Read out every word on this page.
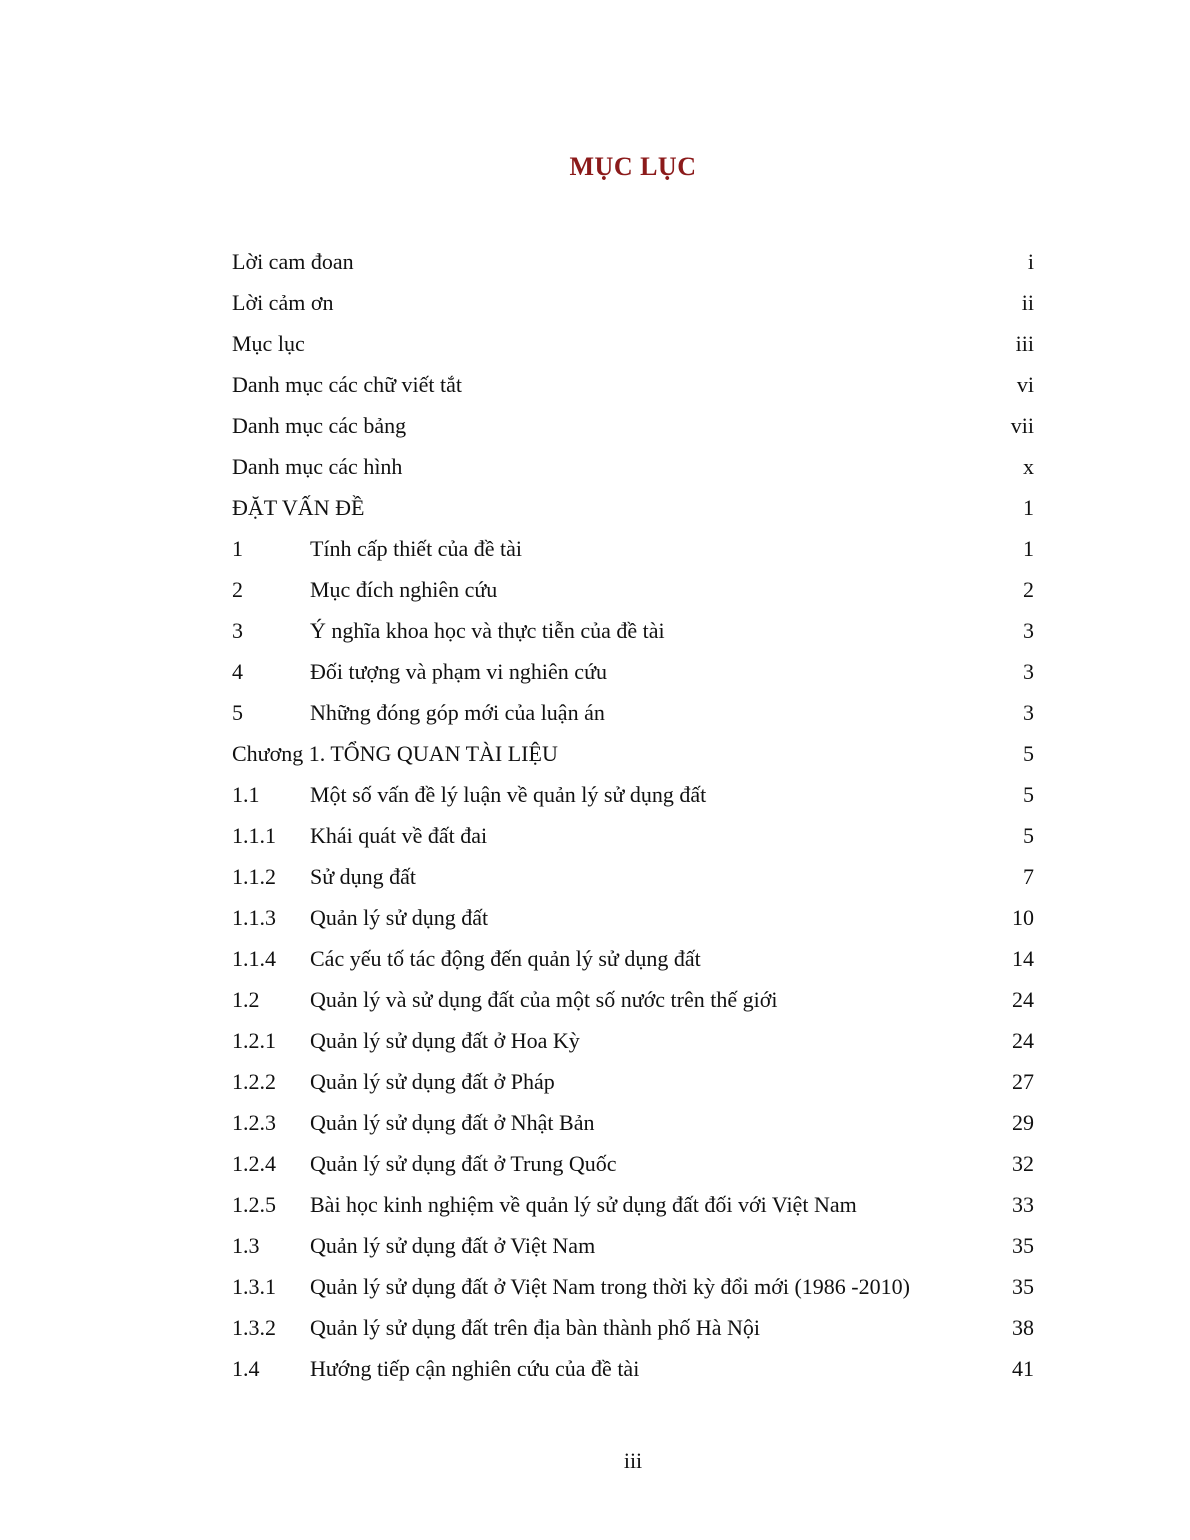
MỤC LỤC
Lời cam đoan	i
Lời cảm ơn	ii
Mục lục	iii
Danh mục các chữ viết tắt	vi
Danh mục các bảng	vii
Danh mục các hình	x
ĐẶT VẤN ĐỀ	1
1	Tính cấp thiết của đề tài	1
2	Mục đích nghiên cứu	2
3	Ý nghĩa khoa học và thực tiễn của đề tài	3
4	Đối tượng và phạm vi nghiên cứu	3
5	Những đóng góp mới của luận án	3
Chương 1. TỔNG QUAN TÀI LIỆU	5
1.1 Một số vấn đề lý luận về quản lý sử dụng đất	5
1.1.1 Khái quát về đất đai	5
1.1.2 Sử dụng đất	7
1.1.3 Quản lý sử dụng đất	10
1.1.4 Các yếu tố tác động đến quản lý sử dụng đất	14
1.2 Quản lý và sử dụng đất của một số nước trên thế giới	24
1.2.1 Quản lý sử dụng đất ở Hoa Kỳ	24
1.2.2 Quản lý sử dụng đất ở Pháp	27
1.2.3 Quản lý sử dụng đất ở Nhật Bản	29
1.2.4 Quản lý sử dụng đất ở Trung Quốc	32
1.2.5 Bài học kinh nghiệm về quản lý sử dụng đất đối với Việt Nam	33
1.3 Quản lý sử dụng đất ở Việt Nam	35
1.3.1 Quản lý sử dụng đất ở Việt Nam trong thời kỳ đổi mới (1986 -2010)	35
1.3.2 Quản lý sử dụng đất trên địa bàn thành phố Hà Nội	38
1.4 Hướng tiếp cận nghiên cứu của đề tài	41
iii
